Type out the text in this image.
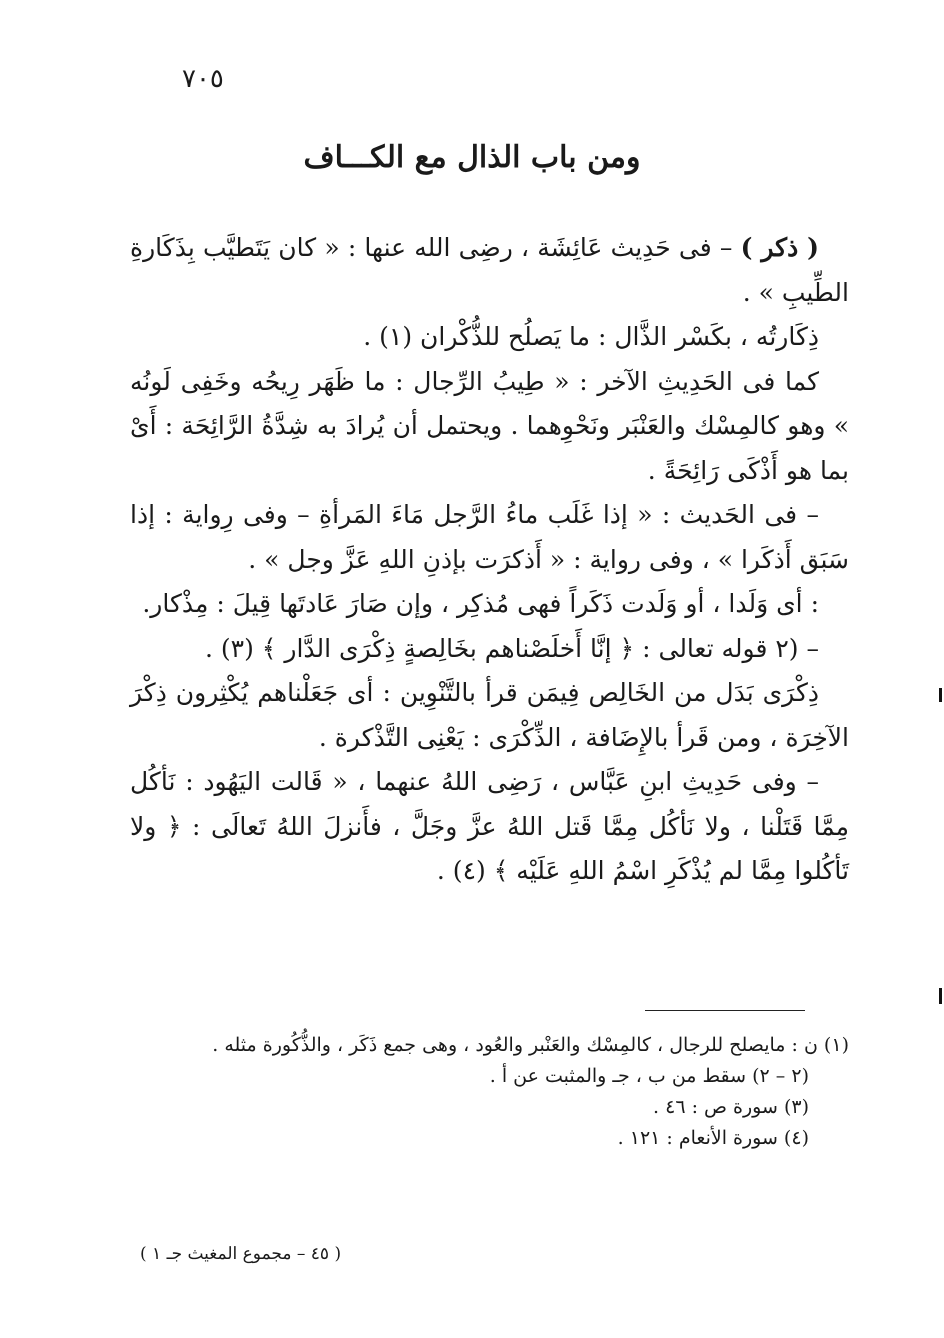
٧٠٥
ومن باب الذال مع الكـــاف

( ذكر ) – فى حَدِيث عَائِشَة ، رضِى الله عنها : « كان يَتَطيَّب بِذَكَارةِ الطِّيبِ » .

ذِكَارتُه ، بكَسْر الذَّال : ما يَصلُح للذُّكْران (١) .

كما فى الحَدِيثِ الآخر : « طِيبُ الرِّجال : ما ظَهَر رِيحُه وخَفِى لَونُه » وهو كالمِسْك والعَنْبَر ونَحْوِهما . ويحتمل أن يُرادَ به شِدَّةُ الرَّائِحَة : أَىْ بما هو أَذْكَى رَائِحَةً .

– فى الحَديث : « إذا غَلَب ماءُ الرَّجل مَاءَ المَرأةِ – وفى رِواية : إذا سَبَق أَذكَرا » ، وفى رواية : « أَذكرَت بإذنِ اللهِ عَزَّ وجل » .

: أى وَلَدا ، أو وَلَدت ذَكَراً فهى مُذكِر ، وإن صَارَ عَادتَها قِيلَ : مِذْكار.

– (٢ قوله تعالى : ﴿ إنَّا أَخلَصْناهم بخَالِصةٍ ذِكْرَى الدَّار ﴾ (٣) .

ذِكْرَى بَدَل من الخَالِص فِيمَن قرأ بالتَّنْوِين : أى جَعَلْناهم يُكْثِرون ذِكْرَ الآخِرَة ، ومن قَرأ بالإِضَافة ، الذِّكْرَى : يَعْنِى التَّذْكرة .

– وفى حَدِيثِ ابنِ عَبَّاس ، رَضِى اللهُ عنهما ، « قَالت اليَهُود : نَأكُل مِمَّا قَتَلْنا ، ولا نَأكُل مِمَّا قَتل اللهُ عزَّ وجَلَّ ، فأَنزلَ اللهُ تَعالَى : ﴿ ولا تَأكُلوا مِمَّا لم يُذْكَرِ اسْمُ اللهِ عَلَيْه ﴾ (٤) .

(١) ن : مايصلح للرجال ، كالمِسْك والعَنْبر والعُود ، وهى جمع ذَكَر ، والذُّكُورة مثله .

(٢ – ٢) سقط من ب ، جـ والمثبت عن أ .

(٣) سورة ص : ٤٦ .

(٤) سورة الأنعام : ١٢١ .

( ٤٥ – مجموع المغيث جـ ١ )
